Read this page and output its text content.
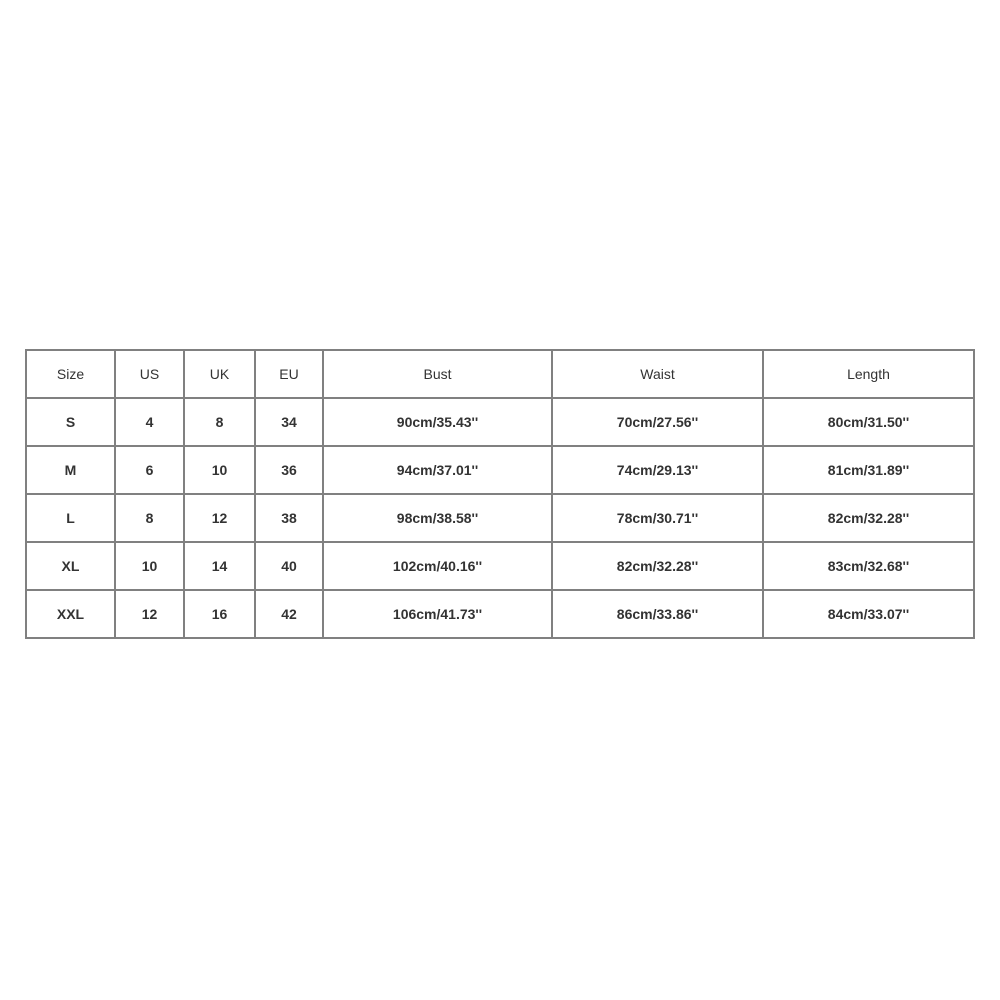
Size	US	UK	EU	Bust	Waist	Length
S	4	8	34	90cm/35.43''	70cm/27.56''	80cm/31.50''
M	6	10	36	94cm/37.01''	74cm/29.13''	81cm/31.89''
L	8	12	38	98cm/38.58''	78cm/30.71''	82cm/32.28''
XL	10	14	40	102cm/40.16''	82cm/32.28''	83cm/32.68''
XXL	12	16	42	106cm/41.73''	86cm/33.86''	84cm/33.07''
